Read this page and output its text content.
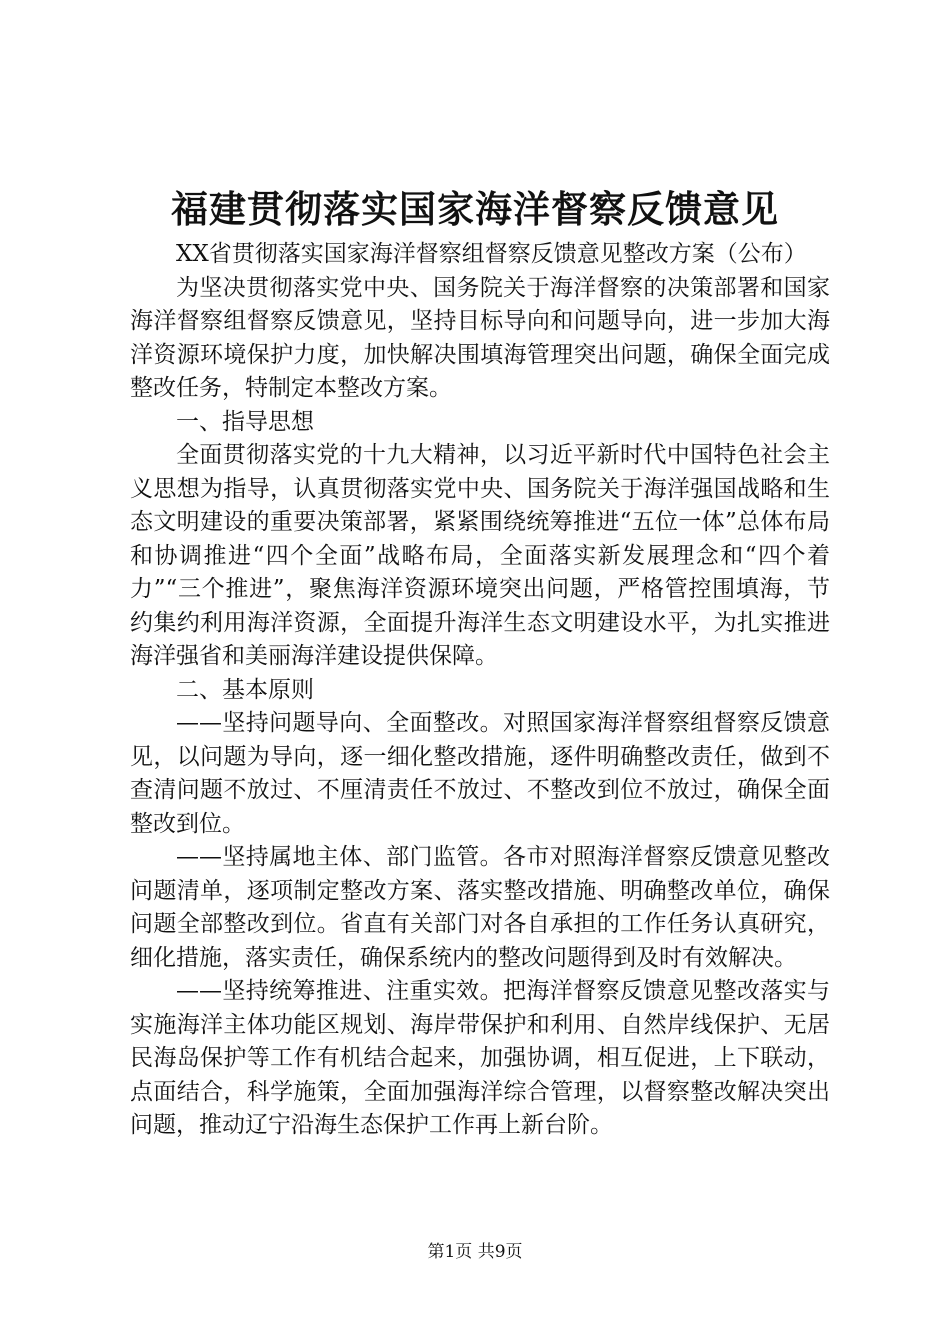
福建贯彻落实国家海洋督察反馈意见

XX省贯彻落实国家海洋督察组督察反馈意见整改方案（公布）

为坚决贯彻落实党中央、国务院关于海洋督察的决策部署和国家海洋督察组督察反馈意见，坚持目标导向和问题导向，进一步加大海洋资源环境保护力度，加快解决围填海管理突出问题，确保全面完成整改任务，特制定本整改方案。

一、指导思想

全面贯彻落实党的十九大精神，以习近平新时代中国特色社会主义思想为指导，认真贯彻落实党中央、国务院关于海洋强国战略和生态文明建设的重要决策部署，紧紧围绕统筹推进“五位一体”总体布局和协调推进“四个全面”战略布局，全面落实新发展理念和“四个着力”“三个推进”，聚焦海洋资源环境突出问题，严格管控围填海，节约集约利用海洋资源，全面提升海洋生态文明建设水平，为扎实推进海洋强省和美丽海洋建设提供保障。

二、基本原则

——坚持问题导向、全面整改。对照国家海洋督察组督察反馈意见，以问题为导向，逐一细化整改措施，逐件明确整改责任，做到不查清问题不放过、不厘清责任不放过、不整改到位不放过，确保全面整改到位。

——坚持属地主体、部门监管。各市对照海洋督察反馈意见整改问题清单，逐项制定整改方案、落实整改措施、明确整改单位，确保问题全部整改到位。省直有关部门对各自承担的工作任务认真研究，细化措施，落实责任，确保系统内的整改问题得到及时有效解决。

——坚持统筹推进、注重实效。把海洋督察反馈意见整改落实与实施海洋主体功能区规划、海岸带保护和利用、自然岸线保护、无居民海岛保护等工作有机结合起来，加强协调，相互促进，上下联动，点面结合，科学施策，全面加强海洋综合管理，以督察整改解决突出问题，推动辽宁沿海生态保护工作再上新台阶。

第1页 共9页
